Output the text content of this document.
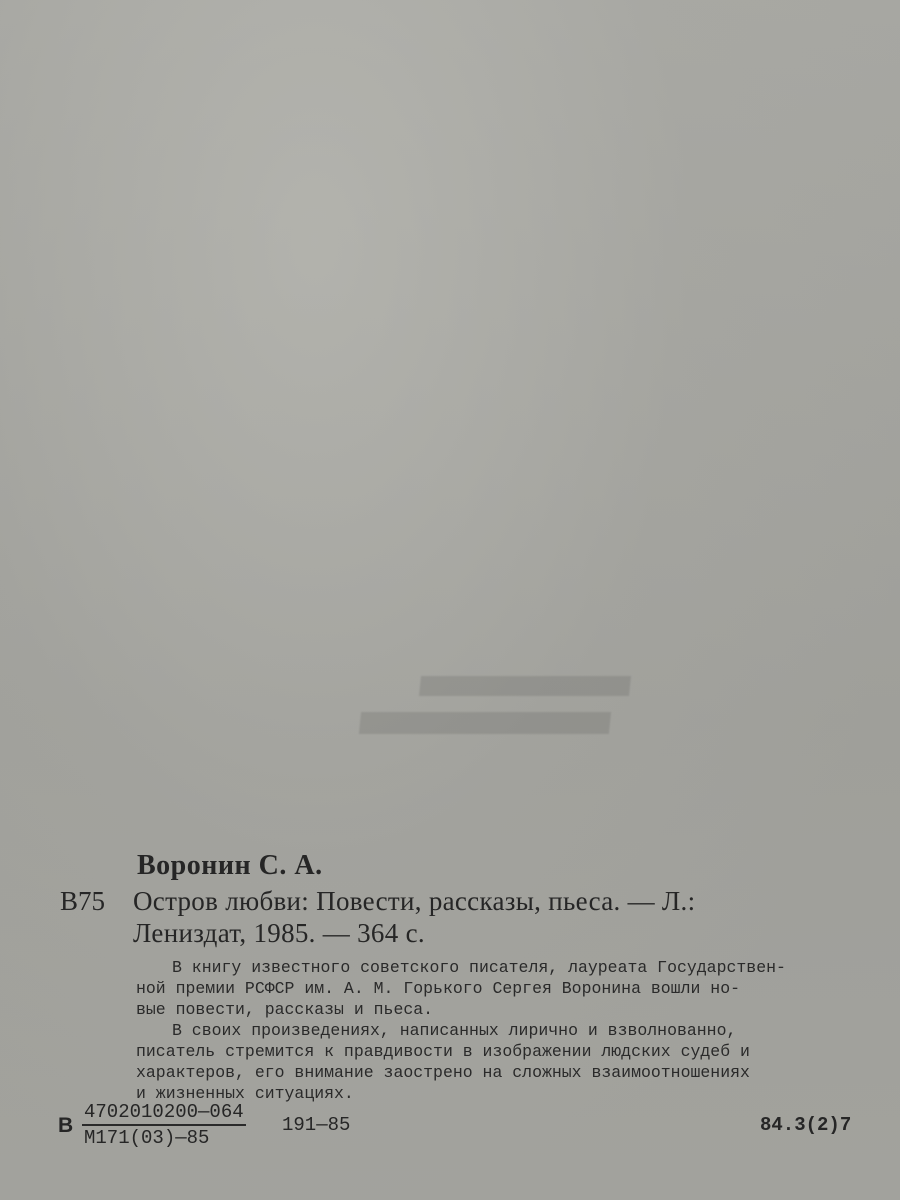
Воронин С. А.
В75 Остров любви: Повести, рассказы, пьеса. — Л.:
Лениздат, 1985. — 364 с.
В книгу известного советского писателя, лауреата Государствен-
ной премии РСФСР им. А. М. Горького Сергея Воронина вошли но-
вые повести, рассказы и пьеса.
В своих произведениях, написанных лирично и взволнованно,
писатель стремится к правдивости в изображении людских судеб и
характеров, его внимание заострено на сложных взаимоотношениях
и жизненных ситуациях.
В
4702010200—064
М171(03)—85
191—85	84.3(2)7
